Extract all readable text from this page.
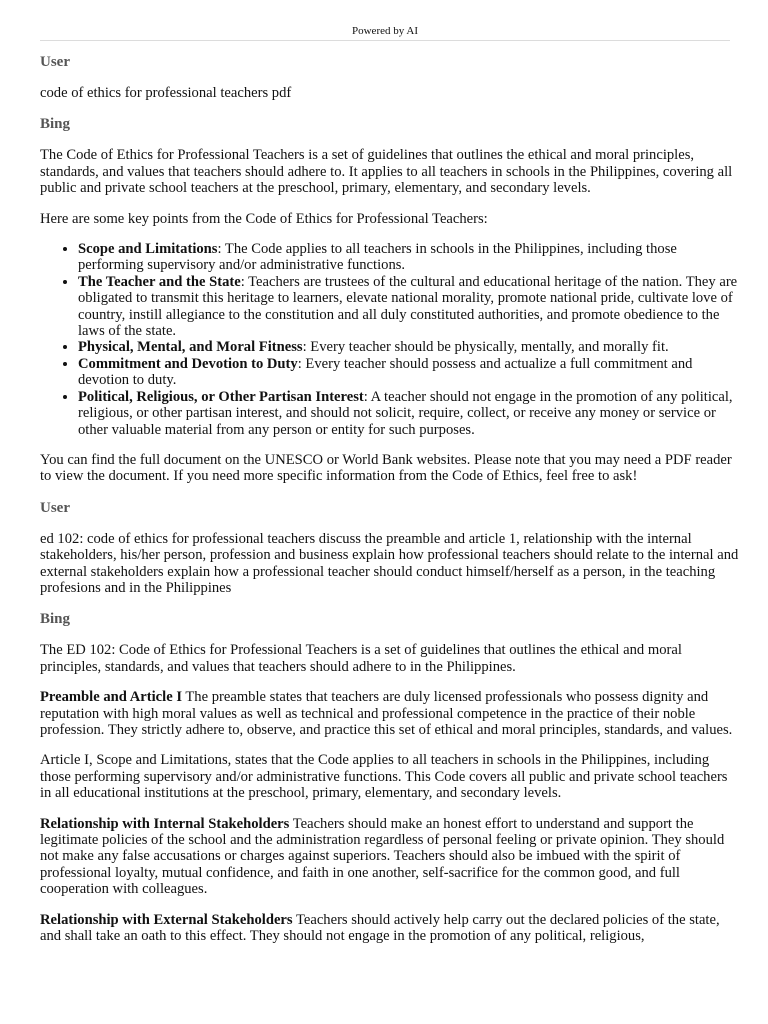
Powered by AI
User

code of ethics for professional teachers pdf

Bing

The Code of Ethics for Professional Teachers is a set of guidelines that outlines the ethical and moral principles, standards, and values that teachers should adhere to. It applies to all teachers in schools in the Philippines, covering all public and private school teachers at the preschool, primary, elementary, and secondary levels.

Here are some key points from the Code of Ethics for Professional Teachers:

• Scope and Limitations: The Code applies to all teachers in schools in the Philippines, including those performing supervisory and/or administrative functions.
• The Teacher and the State: Teachers are trustees of the cultural and educational heritage of the nation. They are obligated to transmit this heritage to learners, elevate national morality, promote national pride, cultivate love of country, instill allegiance to the constitution and all duly constituted authorities, and promote obedience to the laws of the state.
• Physical, Mental, and Moral Fitness: Every teacher should be physically, mentally, and morally fit.
• Commitment and Devotion to Duty: Every teacher should possess and actualize a full commitment and devotion to duty.
• Political, Religious, or Other Partisan Interest: A teacher should not engage in the promotion of any political, religious, or other partisan interest, and should not solicit, require, collect, or receive any money or service or other valuable material from any person or entity for such purposes.

You can find the full document on the UNESCO or World Bank websites. Please note that you may need a PDF reader to view the document. If you need more specific information from the Code of Ethics, feel free to ask!

User

ed 102: code of ethics for professional teachers discuss the preamble and article 1, relationship with the internal stakeholders, his/her person, profession and business explain how professional teachers should relate to the internal and external stakeholders explain how a professional teacher should conduct himself/herself as a person, in the teaching profesions and in the Philippines

Bing

The ED 102: Code of Ethics for Professional Teachers is a set of guidelines that outlines the ethical and moral principles, standards, and values that teachers should adhere to in the Philippines.

Preamble and Article I The preamble states that teachers are duly licensed professionals who possess dignity and reputation with high moral values as well as technical and professional competence in the practice of their noble profession. They strictly adhere to, observe, and practice this set of ethical and moral principles, standards, and values.

Article I, Scope and Limitations, states that the Code applies to all teachers in schools in the Philippines, including those performing supervisory and/or administrative functions. This Code covers all public and private school teachers in all educational institutions at the preschool, primary, elementary, and secondary levels.

Relationship with Internal Stakeholders Teachers should make an honest effort to understand and support the legitimate policies of the school and the administration regardless of personal feeling or private opinion. They should not make any false accusations or charges against superiors. Teachers should also be imbued with the spirit of professional loyalty, mutual confidence, and faith in one another, self-sacrifice for the common good, and full cooperation with colleagues.

Relationship with External Stakeholders Teachers should actively help carry out the declared policies of the state, and shall take an oath to this effect. They should not engage in the promotion of any political, religious,
